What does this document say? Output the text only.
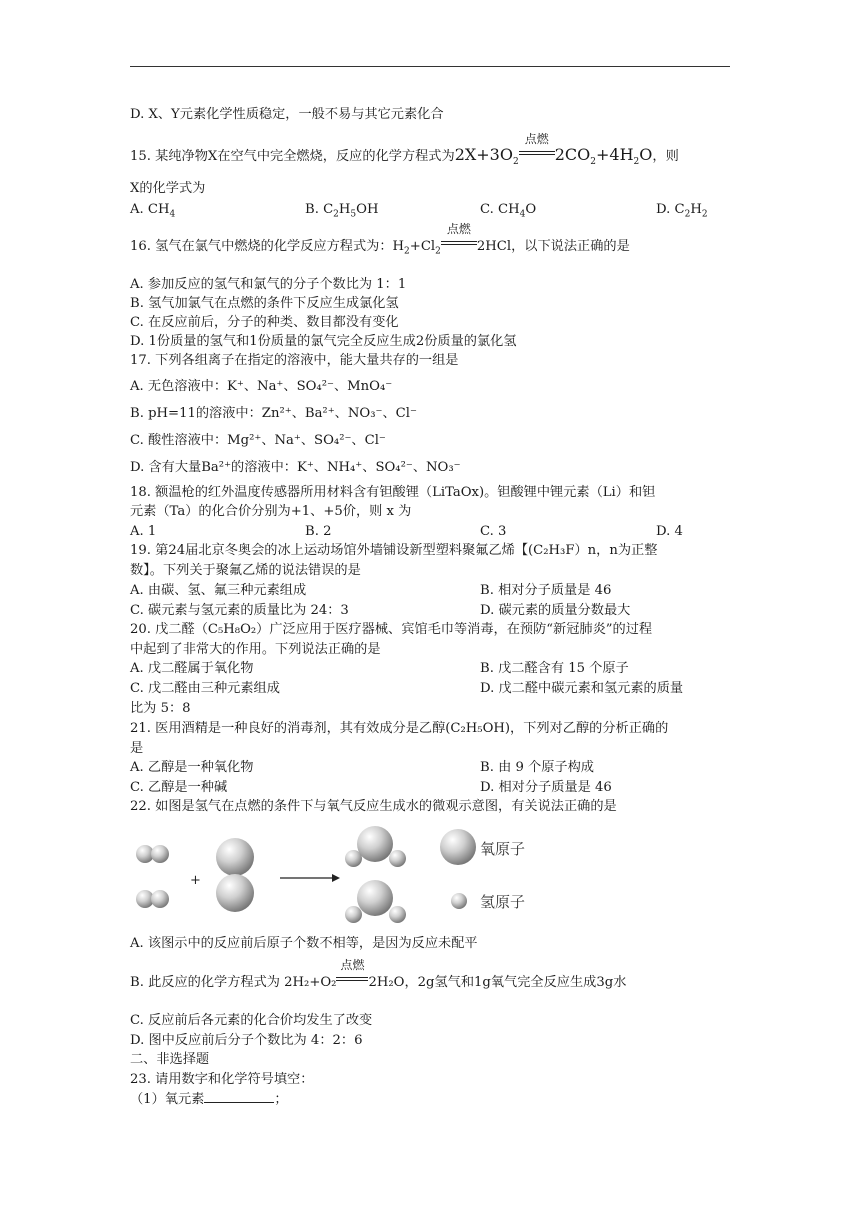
D. X、Y元素化学性质稳定，一般不易与其它元素化合
15. 某纯净物X在空气中完全燃烧，反应的化学方程式为$2X+3O_2$
点燃
$2CO_2+4H_2O$，则
X的化学式为
A. $CH_4$	B. $C_2H_5OH$	C. $CH_4O$	D. $C_2H_2$
16. 氢气在氯气中燃烧的化学反应方程式为：$H_2+Cl_2$
点燃
2HCl，以下说法正确的是
A. 参加反应的氢气和氯气的分子个数比为 1：1
B. 氢气加氯气在点燃的条件下反应生成氯化氢
C. 在反应前后，分子的种类、数目都没有变化
D. 1份质量的氢气和1份质量的氯气完全反应生成2份质量的氯化氢
17. 下列各组离子在指定的溶液中，能大量共存的一组是
A. 无色溶液中：K⁺、Na⁺、SO₄²⁻、MnO₄⁻
B. pH=11的溶液中：Zn²⁺、Ba²⁺、NO₃⁻、Cl⁻
C. 酸性溶液中：Mg²⁺、Na⁺、SO₄²⁻、Cl⁻
D. 含有大量Ba²⁺的溶液中：K⁺、NH₄⁺、SO₄²⁻、NO₃⁻
18. 额温枪的红外温度传感器所用材料含有钽酸锂（LiTaOx)。钽酸锂中锂元素（Li）和钽
元素（Ta）的化合价分别为+1、+5价，则 x 为
A. 1	B. 2	C. 3	D. 4
19. 第24届北京冬奥会的冰上运动场馆外墙铺设新型塑料聚氟乙烯【(C₂H₃F）n，n为正整
数】。下列关于聚氟乙烯的说法错误的是
A. 由碳、氢、氟三种元素组成	B. 相对分子质量是 46
C. 碳元素与氢元素的质量比为 24：3	D. 碳元素的质量分数最大
20. 戊二醛（C₅H₈O₂）广泛应用于医疗器械、宾馆毛巾等消毒，在预防“新冠肺炎”的过程
中起到了非常大的作用。下列说法正确的是
A. 戊二醛属于氧化物	B. 戊二醛含有 15 个原子
C. 戊二醛由三种元素组成	D. 戊二醛中碳元素和氢元素的质量
比为 5：8
21. 医用酒精是一种良好的消毒剂，其有效成分是乙醇(C₂H₅OH)，下列对乙醇的分析正确的
是
A. 乙醇是一种氧化物	B. 由 9 个原子构成
C. 乙醇是一种碱	D. 相对分子质量是 46
22. 如图是氢气在点燃的条件下与氧气反应生成水的微观示意图，有关说法正确的是
+
氧原子
氢原子
A. 该图示中的反应前后原子个数不相等，是因为反应未配平
B. 此反应的化学方程式为 2H₂+O₂
点燃
2H₂O，2g氢气和1g氧气完全反应生成3g水
C. 反应前后各元素的化合价均发生了改变
D. 图中反应前后分子个数比为 4：2：6
二、非选择题
23. 请用数字和化学符号填空：
（1）氧元素	；
